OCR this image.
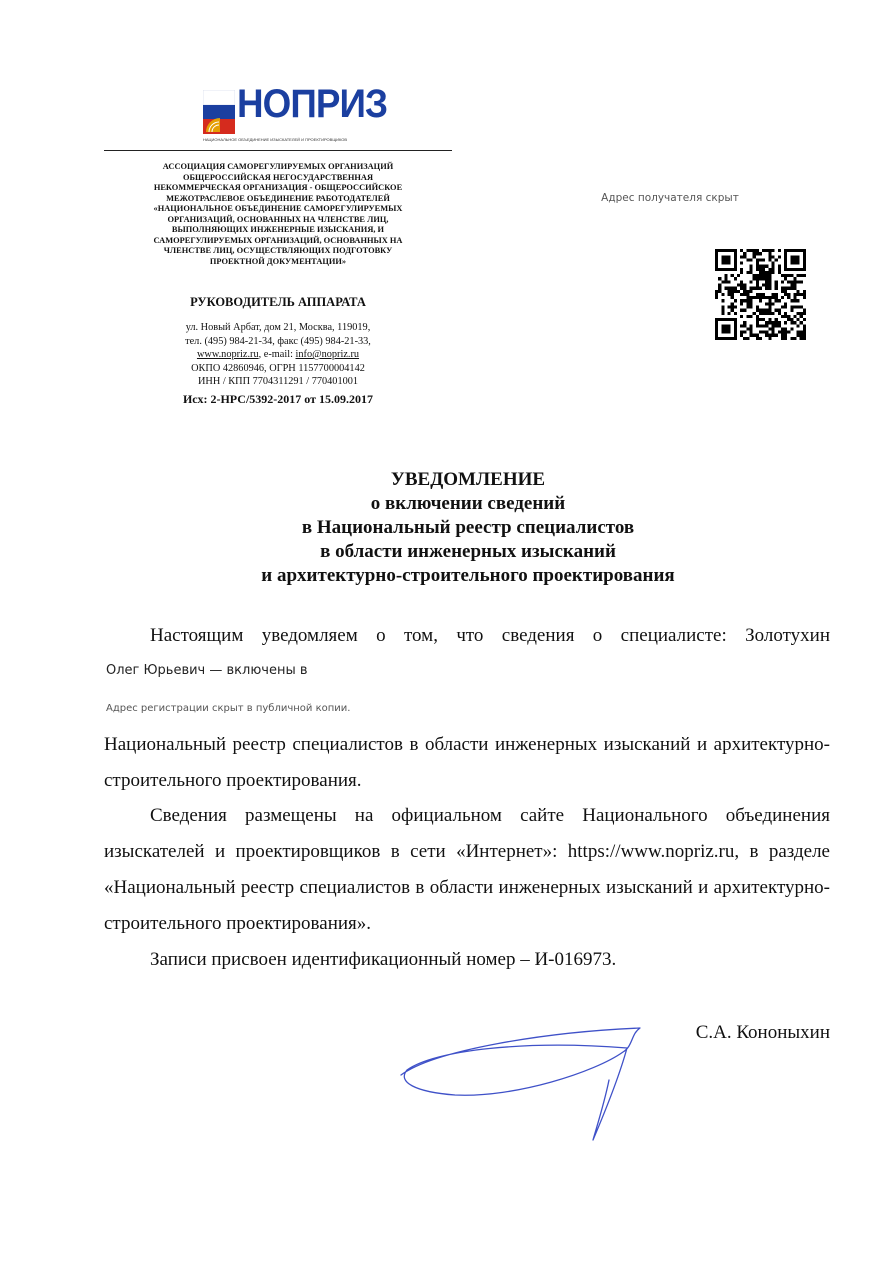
НОПРИЗ
НАЦИОНАЛЬНОЕ ОБЪЕДИНЕНИЕ ИЗЫСКАТЕЛЕЙ И ПРОЕКТИРОВЩИКОВ
АССОЦИАЦИЯ САМОРЕГУЛИРУЕМЫХ ОРГАНИЗАЦИЙ
ОБЩЕРОССИЙСКАЯ НЕГОСУДАРСТВЕННАЯ
НЕКОММЕРЧЕСКАЯ ОРГАНИЗАЦИЯ - ОБЩЕРОССИЙСКОЕ
МЕЖОТРАСЛЕВОЕ ОБЪЕДИНЕНИЕ РАБОТОДАТЕЛЕЙ
«НАЦИОНАЛЬНОЕ ОБЪЕДИНЕНИЕ САМОРЕГУЛИРУЕМЫХ
ОРГАНИЗАЦИЙ, ОСНОВАННЫХ НА ЧЛЕНСТВЕ ЛИЦ,
ВЫПОЛНЯЮЩИХ ИНЖЕНЕРНЫЕ ИЗЫСКАНИЯ, И
САМОРЕГУЛИРУЕМЫХ ОРГАНИЗАЦИЙ, ОСНОВАННЫХ НА
ЧЛЕНСТВЕ ЛИЦ, ОСУЩЕСТВЛЯЮЩИХ ПОДГОТОВКУ
ПРОЕКТНОЙ ДОКУМЕНТАЦИИ»
РУКОВОДИТЕЛЬ АППАРАТА
ул. Новый Арбат, дом 21, Москва, 119019,
тел. (495) 984-21-34, факс (495) 984-21-33,
www.nopriz.ru, e-mail: info@nopriz.ru
ОКПО 42860946, ОГРН 1157700004142
ИНН / КПП 7704311291 / 770401001
Исх: 2-НРС/5392-2017 от 15.09.2017
Адрес получателя скрыт
УВЕДОМЛЕНИЕ
о включении сведений
в Национальный реестр специалистов
в области инженерных изысканий
и архитектурно-строительного проектирования
Настоящим уведомляем о том, что сведения о специалисте: Золотухин
Олег Юрьевич — включены в
Адрес регистрации скрыт в публичной копии.
Национальный реестр специалистов в области инженерных изысканий и архитектурно-строительного проектирования.
Сведения размещены на официальном сайте Национального объединения изыскателей и проектировщиков в сети «Интернет»: https://www.nopriz.ru, в разделе «Национальный реестр специалистов в области инженерных изысканий и архитектурно-строительного проектирования».
Записи присвоен идентификационный номер – И-016973.
С.А. Кононыхин
